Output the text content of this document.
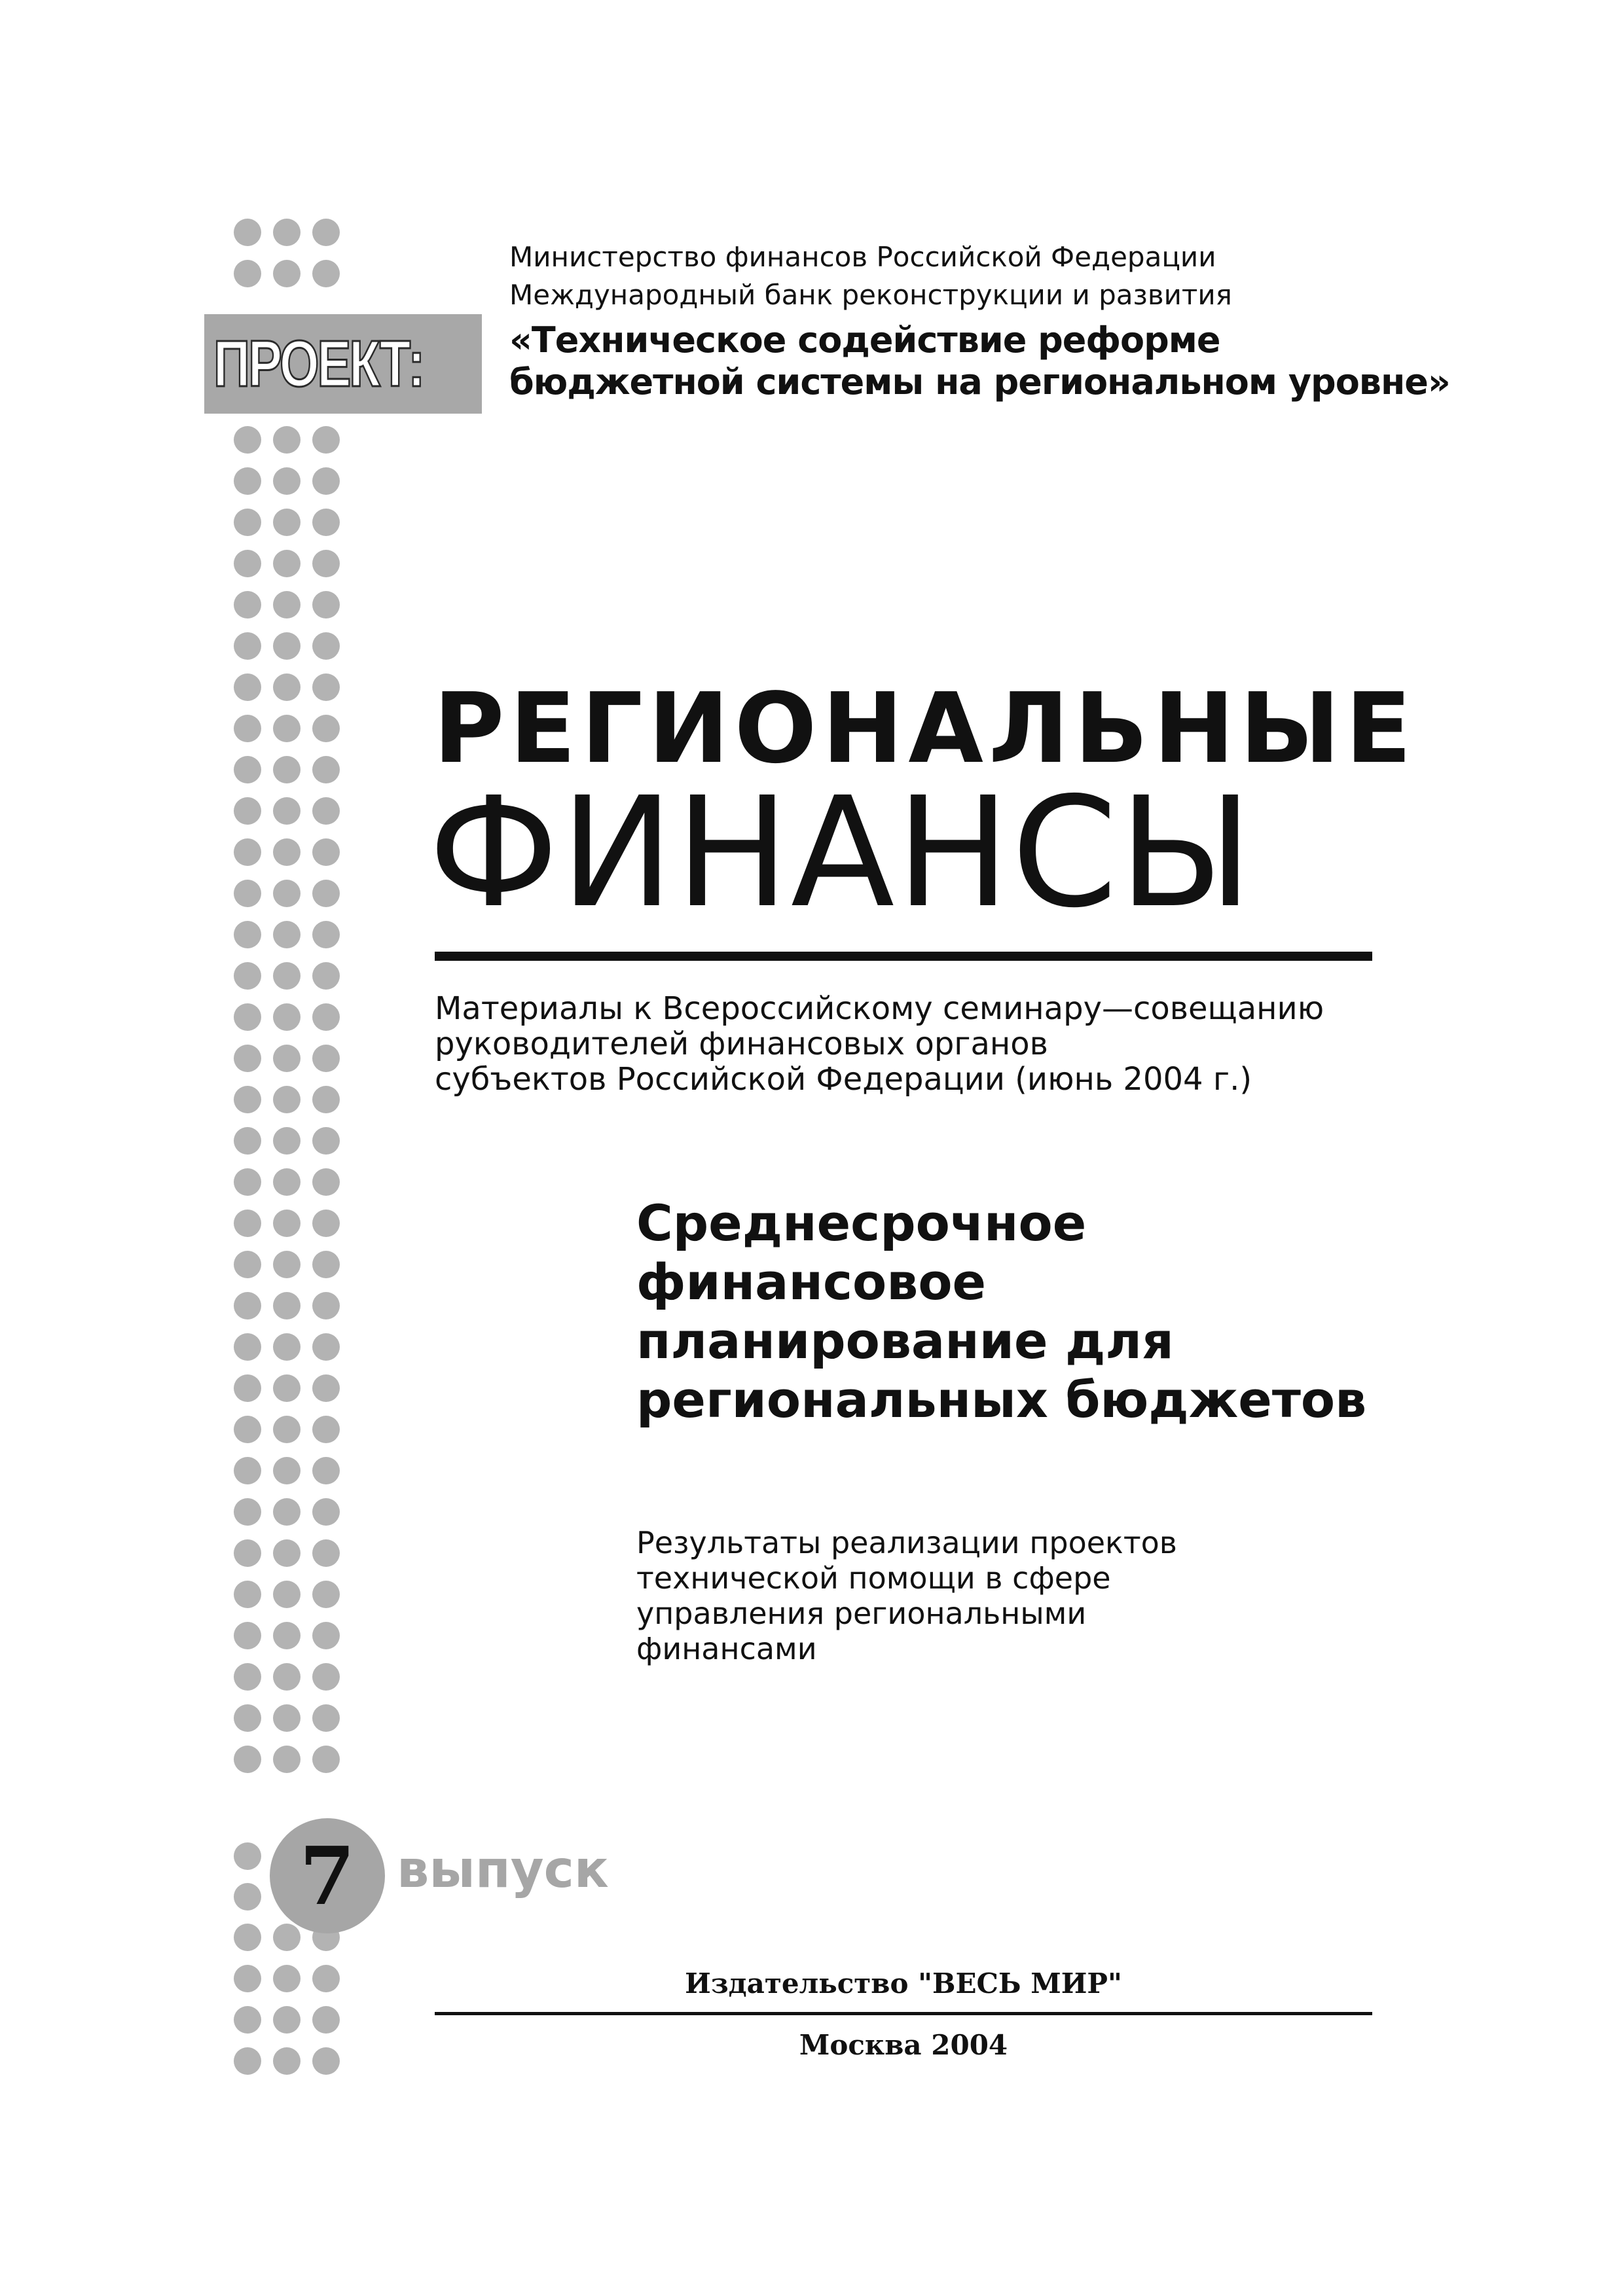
Министерство финансов Российской Федерации
Международный банк реконструкции и развития
ПРОЕКТ: «Техническое содействие реформе
бюджетной системы на региональном уровне»
РЕГИОНАЛЬНЫЕ
ФИНАНСЫ
Материалы к Всероссийскому семинару—совещанию
руководителей финансовых органов
субъектов Российской Федерации (июнь 2004 г.)
Среднесрочное
финансовое
планирование для
региональных бюджетов
Результаты реализации проектов
технической помощи в сфере
управления региональными
финансами
7 выпуск
Издательство "ВЕСЬ МИР"
Москва 2004
